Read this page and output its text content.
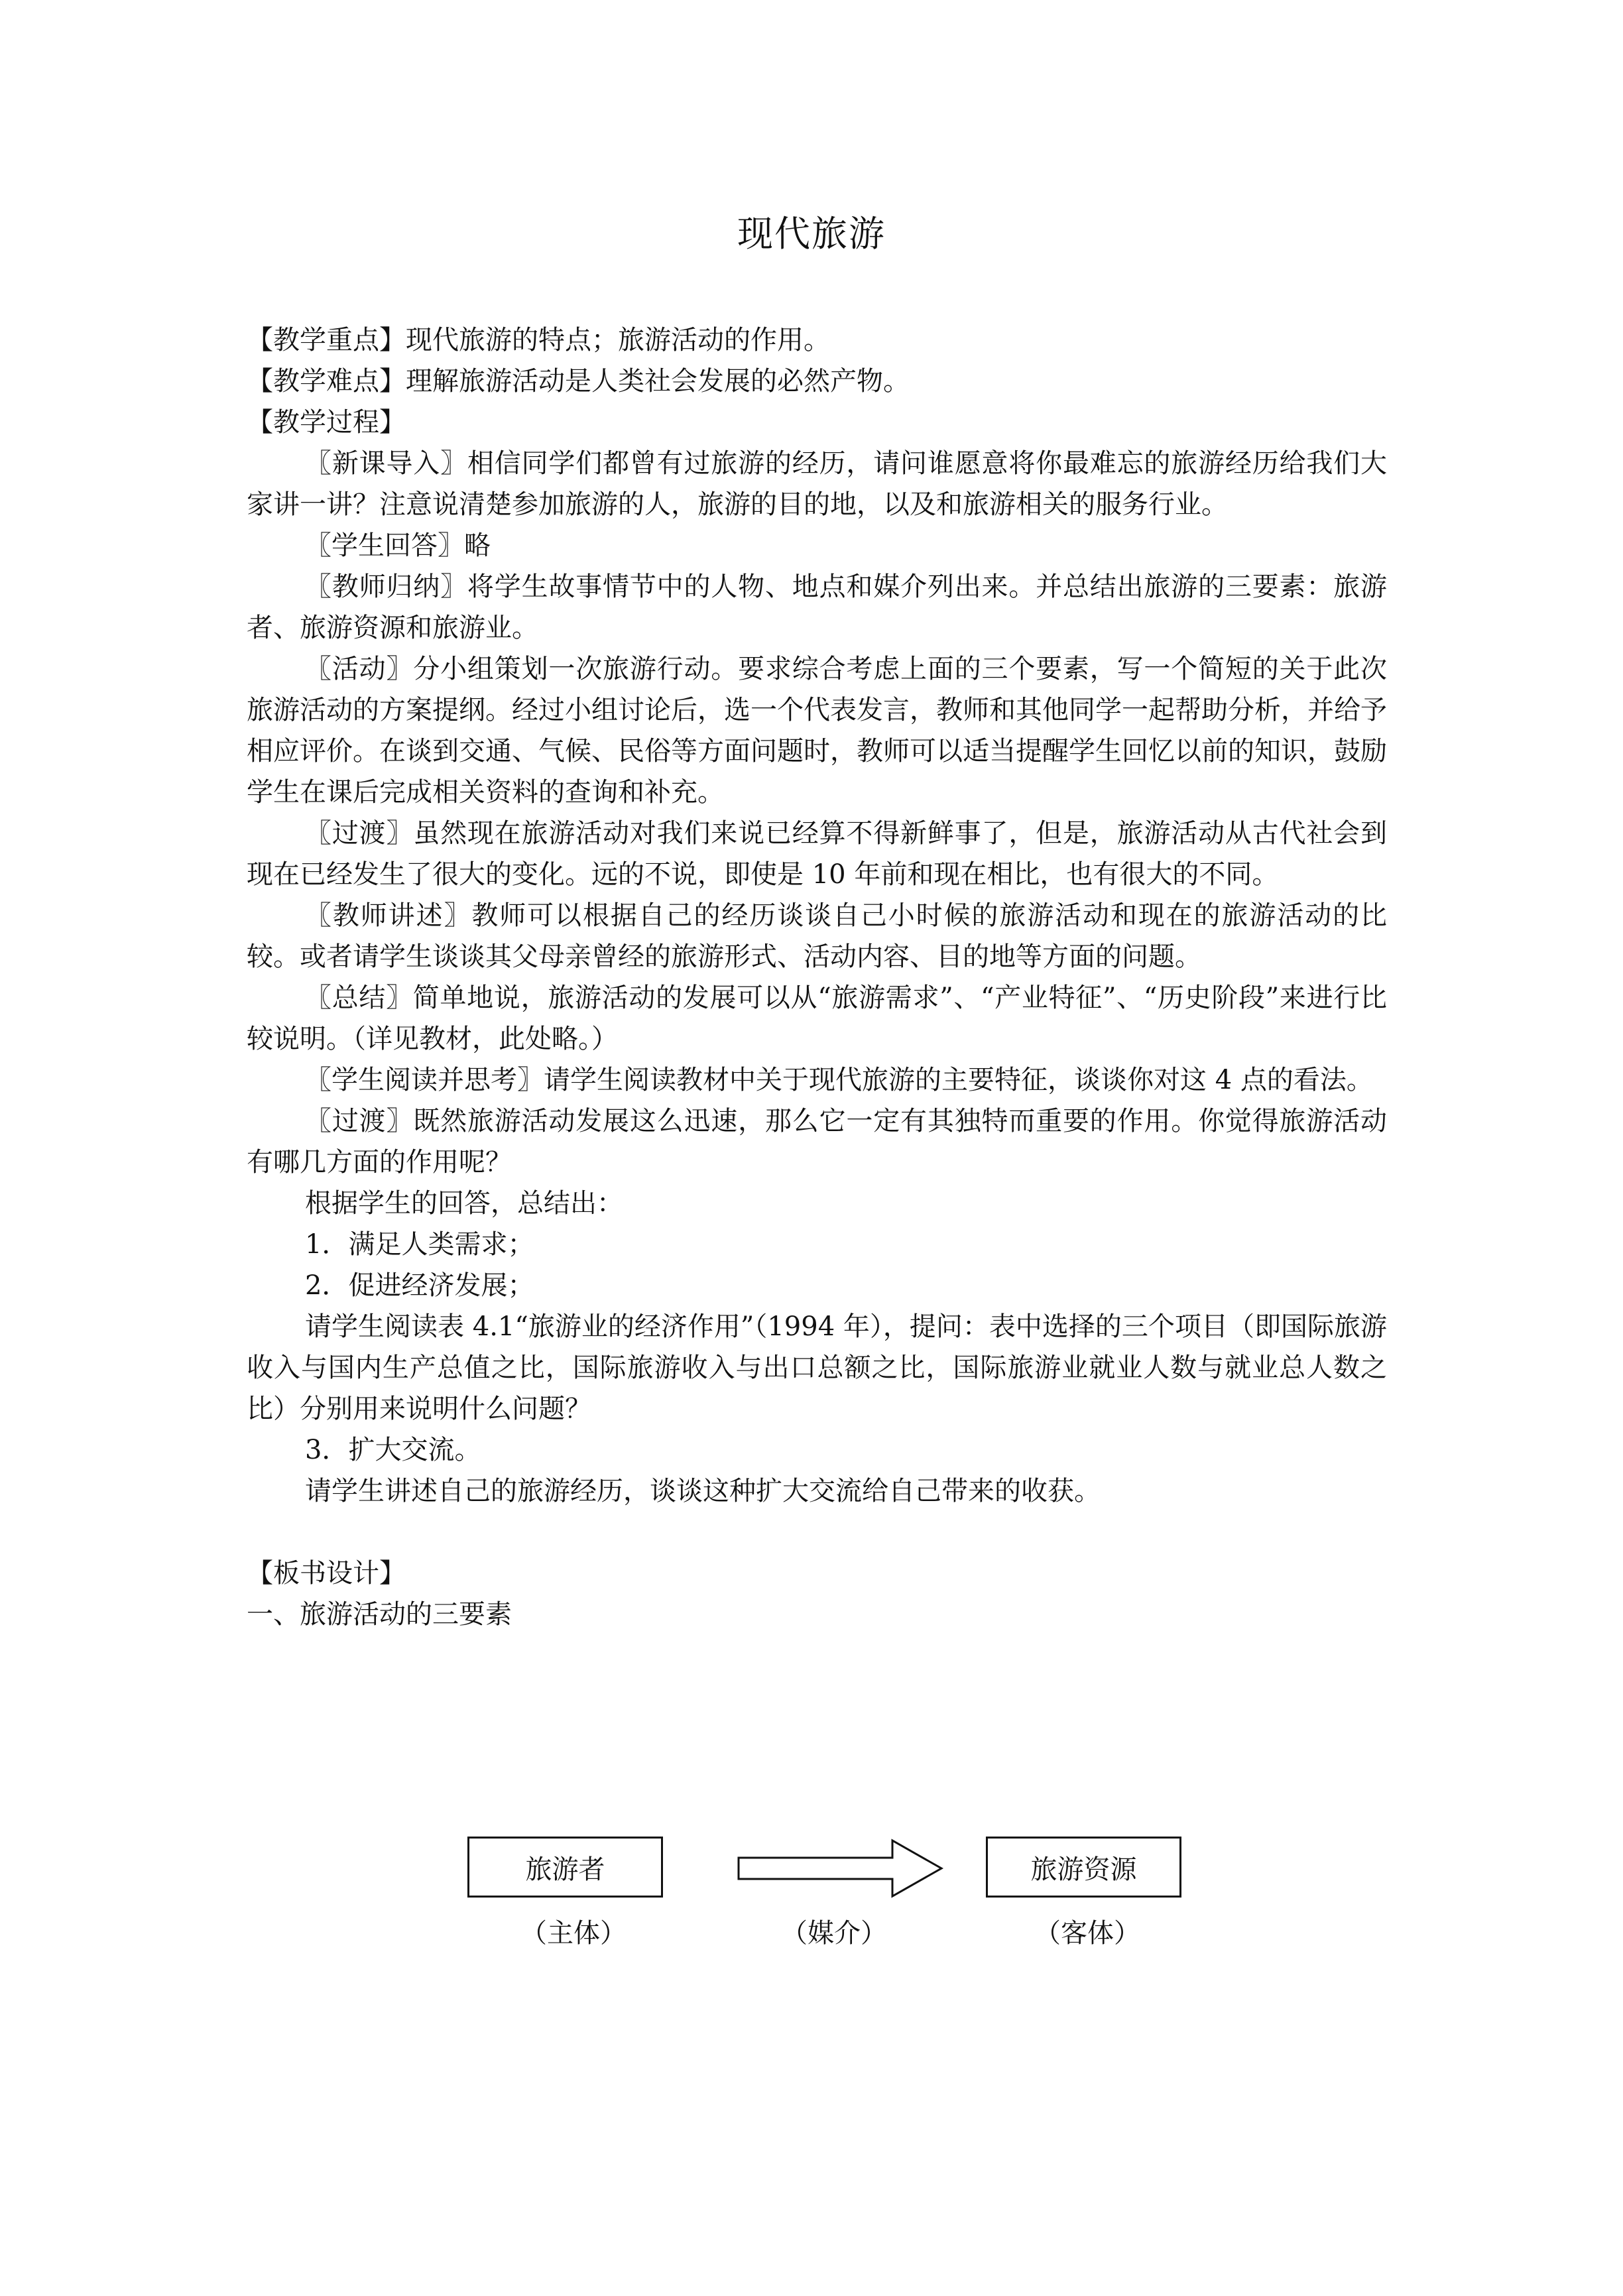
现代旅游

【教学重点】现代旅游的特点；旅游活动的作用。

【教学难点】理解旅游活动是人类社会发展的必然产物。

【教学过程】

〖新课导入〗相信同学们都曾有过旅游的经历，请问谁愿意将你最难忘的旅游经历给我们大家讲一讲？注意说清楚参加旅游的人，旅游的目的地，以及和旅游相关的服务行业。

〖学生回答〗略

〖教师归纳〗将学生故事情节中的人物、地点和媒介列出来。并总结出旅游的三要素：旅游者、旅游资源和旅游业。

〖活动〗分小组策划一次旅游行动。要求综合考虑上面的三个要素，写一个简短的关于此次旅游活动的方案提纲。经过小组讨论后，选一个代表发言，教师和其他同学一起帮助分析，并给予相应评价。在谈到交通、气候、民俗等方面问题时，教师可以适当提醒学生回忆以前的知识，鼓励学生在课后完成相关资料的查询和补充。

〖过渡〗虽然现在旅游活动对我们来说已经算不得新鲜事了，但是，旅游活动从古代社会到现在已经发生了很大的变化。远的不说，即使是 10 年前和现在相比，也有很大的不同。

〖教师讲述〗教师可以根据自己的经历谈谈自己小时候的旅游活动和现在的旅游活动的比较。或者请学生谈谈其父母亲曾经的旅游形式、活动内容、目的地等方面的问题。

〖总结〗简单地说，旅游活动的发展可以从“旅游需求”、“产业特征”、“历史阶段”来进行比较说明。（详见教材，此处略。）

〖学生阅读并思考〗请学生阅读教材中关于现代旅游的主要特征，谈谈你对这 4 点的看法。

〖过渡〗既然旅游活动发展这么迅速，那么它一定有其独特而重要的作用。你觉得旅游活动有哪几方面的作用呢？

根据学生的回答，总结出：

1．满足人类需求；

2．促进经济发展；

请学生阅读表 4.1“旅游业的经济作用”（1994 年），提问：表中选择的三个项目（即国际旅游收入与国内生产总值之比，国际旅游收入与出口总额之比，国际旅游业就业人数与就业总人数之比）分别用来说明什么问题？

3．扩大交流。

请学生讲述自己的旅游经历，谈谈这种扩大交流给自己带来的收获。

【板书设计】

一、旅游活动的三要素

旅游者	旅游资源
（主体）	（媒介）	（客体）
